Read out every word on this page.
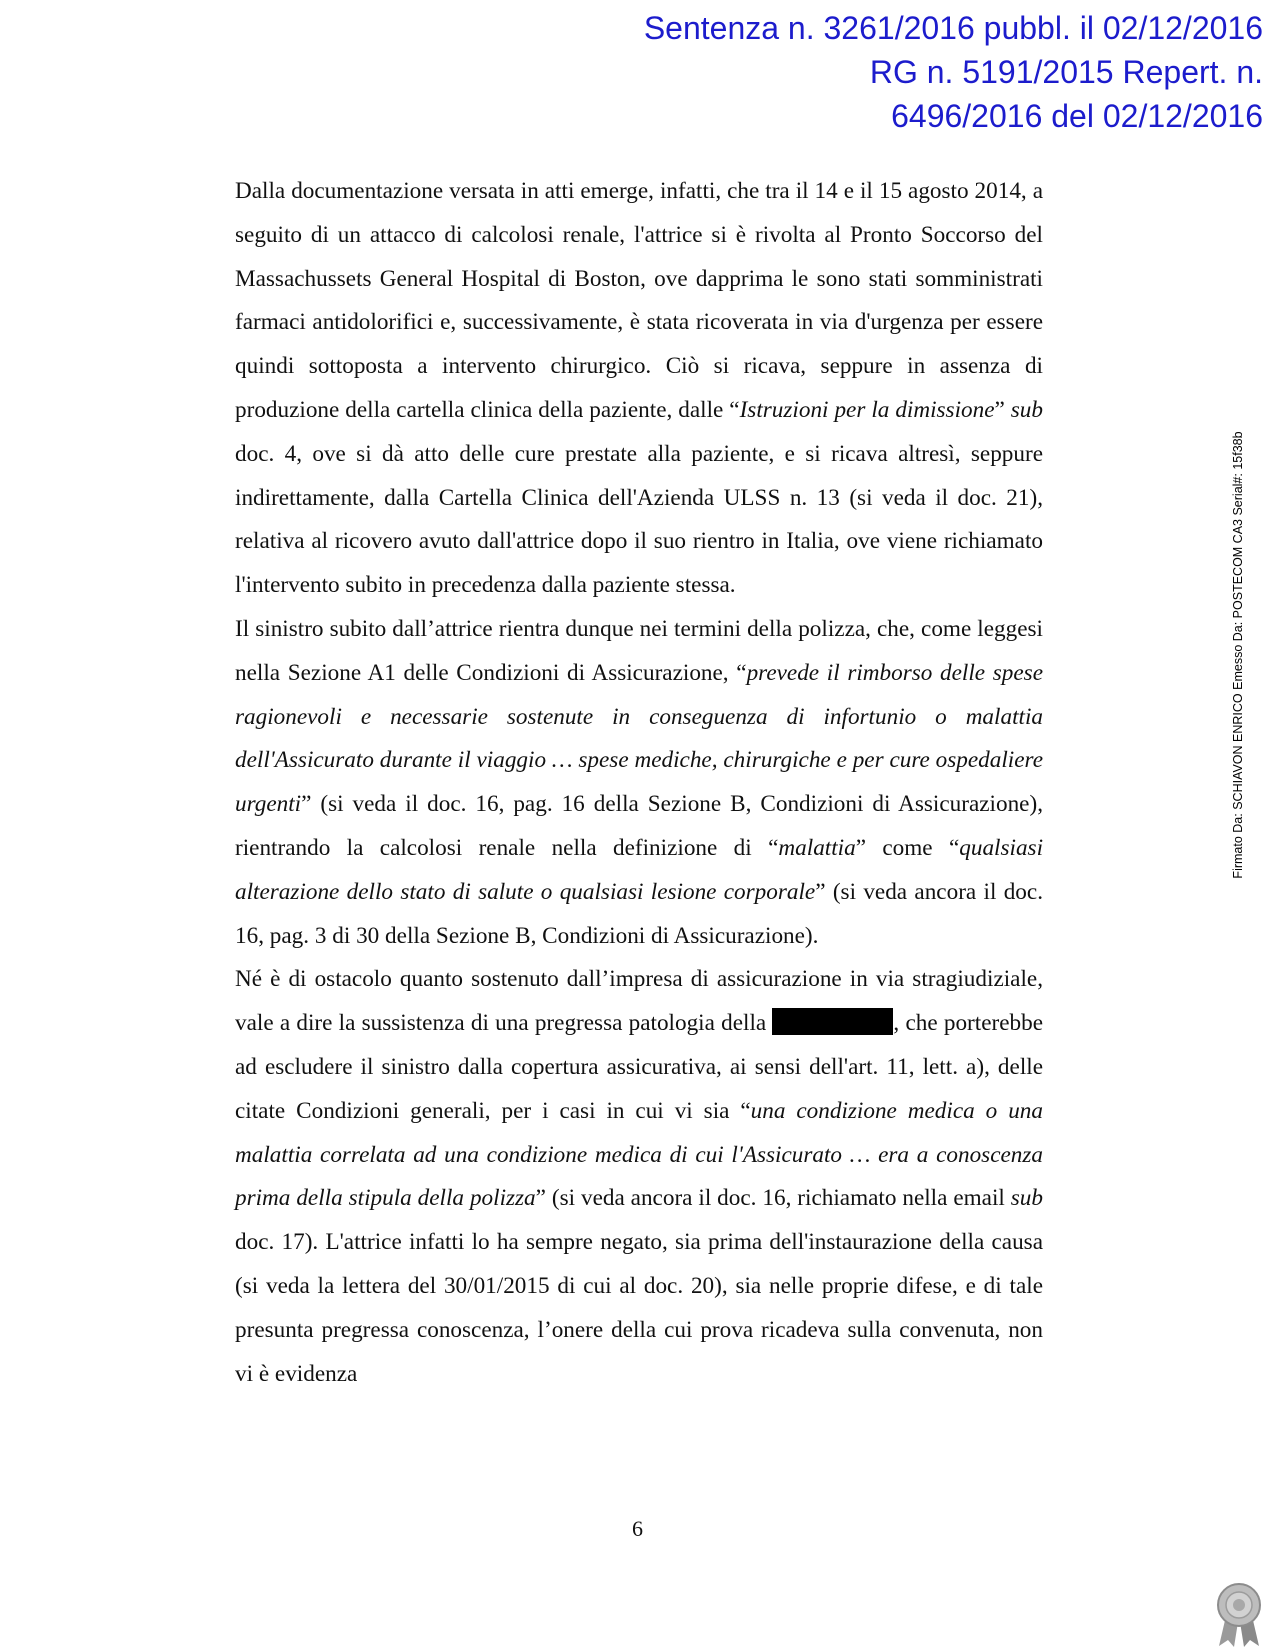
Sentenza n. 3261/2016 pubbl. il 02/12/2016
RG n. 5191/2015 Repert. n.
6496/2016 del 02/12/2016

Dalla documentazione versata in atti emerge, infatti, che tra il 14 e il 15 agosto 2014, a seguito di un attacco di calcolosi renale, l'attrice si è rivolta al Pronto Soccorso del Massachussets General Hospital di Boston, ove dapprima le sono stati somministrati farmaci antidolorifici e, successivamente, è stata ricoverata in via d'urgenza per essere quindi sottoposta a intervento chirurgico. Ciò si ricava, seppure in assenza di produzione della cartella clinica della paziente, dalle “Istruzioni per la dimissione” sub doc. 4, ove si dà atto delle cure prestate alla paziente, e si ricava altresì, seppure indirettamente, dalla Cartella Clinica dell'Azienda ULSS n. 13 (si veda il doc. 21), relativa al ricovero avuto dall'attrice dopo il suo rientro in Italia, ove viene richiamato l'intervento subito in precedenza dalla paziente stessa.

Il sinistro subito dall’attrice rientra dunque nei termini della polizza, che, come leggesi nella Sezione A1 delle Condizioni di Assicurazione, “prevede il rimborso delle spese ragionevoli e necessarie sostenute in conseguenza di infortunio o malattia dell'Assicurato durante il viaggio … spese mediche, chirurgiche e per cure ospedaliere urgenti” (si veda il doc. 16, pag. 16 della Sezione B, Condizioni di Assicurazione), rientrando la calcolosi renale nella definizione di “malattia” come “qualsiasi alterazione dello stato di salute o qualsiasi lesione corporale” (si veda ancora il doc. 16, pag. 3 di 30 della Sezione B, Condizioni di Assicurazione).

Né è di ostacolo quanto sostenuto dall’impresa di assicurazione in via stragiudiziale, vale a dire la sussistenza di una pregressa patologia della	, che porterebbe ad escludere il sinistro dalla copertura assicurativa, ai sensi dell'art. 11, lett. a), delle citate Condizioni generali, per i casi in cui vi sia “una condizione medica o una malattia correlata ad una condizione medica di cui l'Assicurato … era a conoscenza prima della stipula della polizza” (si veda ancora il doc. 16, richiamato nella email sub doc. 17). L'attrice infatti lo ha sempre negato, sia prima dell'instaurazione della causa (si veda la lettera del 30/01/2015 di cui al doc. 20), sia nelle proprie difese, e di tale presunta pregressa conoscenza, l’onere della cui prova ricadeva sulla convenuta, non vi è evidenza

6
Firmato Da: SCHIAVON ENRICO Emesso Da: POSTECOM CA3 Serial#: 15f38b
